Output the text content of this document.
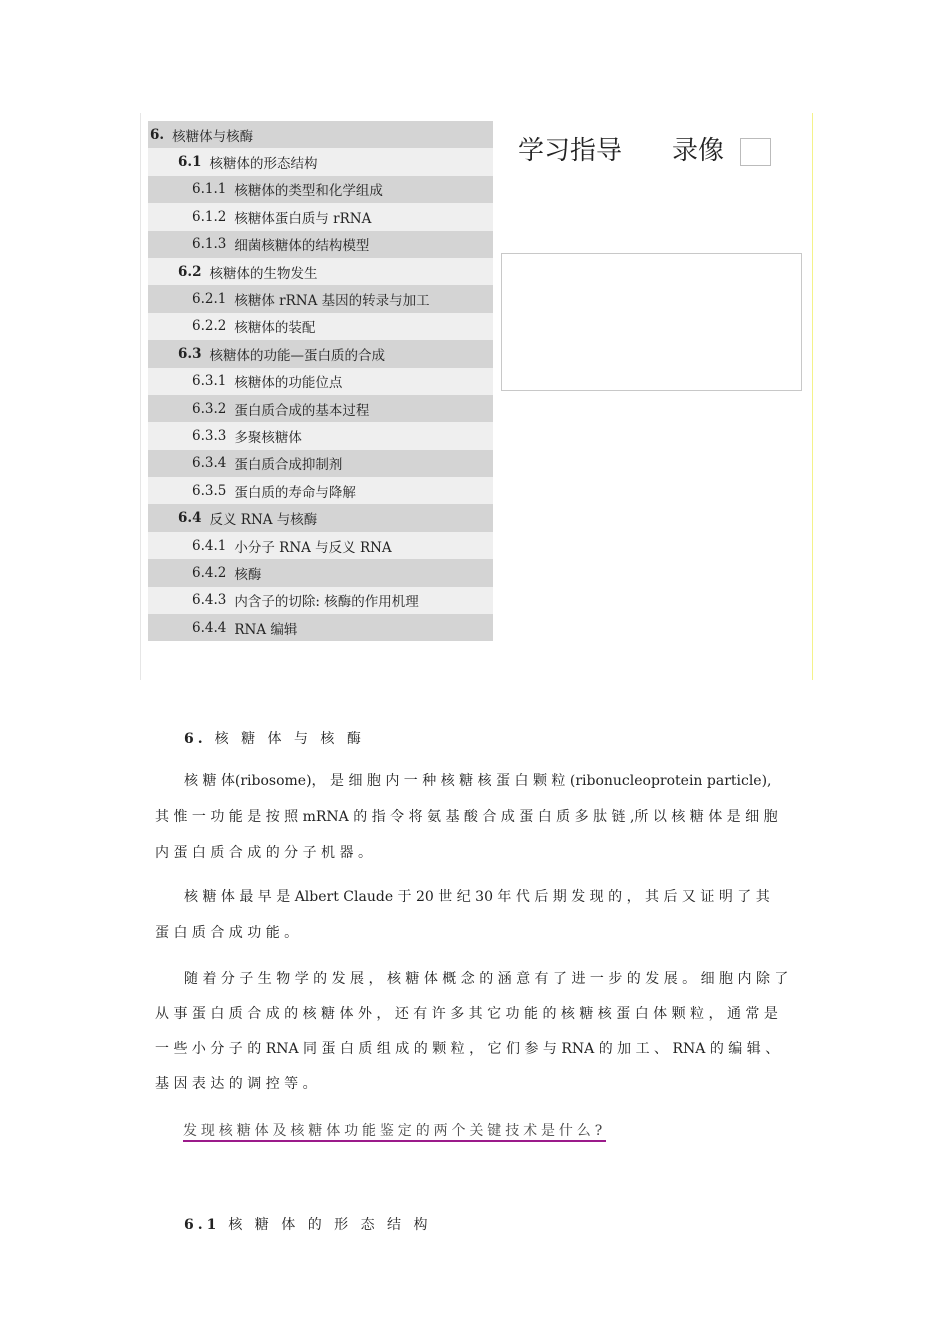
6. 核糖体与核酶
6.1 核糖体的形态结构
6.1.1 核糖体的类型和化学组成
6.1.2 核糖体蛋白质与 rRNA
6.1.3 细菌核糖体的结构模型
6.2 核糖体的生物发生
6.2.1 核糖体 rRNA 基因的转录与加工
6.2.2 核糖体的装配
6.3 核糖体的功能—蛋白质的合成
6.3.1 核糖体的功能位点
6.3.2 蛋白质合成的基本过程
6.3.3 多聚核糖体
6.3.4 蛋白质合成抑制剂
6.3.5 蛋白质的寿命与降解
6.4 反义 RNA 与核酶
6.4.1 小分子 RNA 与反义 RNA
6.4.2 核酶
6.4.3 内含子的切除: 核酶的作用机理
6.4.4 RNA 编辑
学习指导 录像
6. 核 糖 体 与 核 酶
核 糖 体(ribosome)， 是 细 胞 内 一 种 核 糖 核 蛋 白 颗 粒 (ribonucleoprotein particle),
其 惟 一 功 能 是 按 照 mRNA 的 指 令 将 氨 基 酸 合 成 蛋 白 质 多 肽 链 ,所 以 核 糖 体 是 细 胞
内 蛋 白 质 合 成 的 分 子 机 器 。
核 糖 体 最 早 是 Albert Claude 于 20 世 纪 30 年 代 后 期 发 现 的 ， 其 后 又 证 明 了 其
蛋 白 质 合 成 功 能 。
随 着 分 子 生 物 学 的 发 展 ， 核 糖 体 概 念 的 涵 意 有 了 进 一 步 的 发 展 。 细 胞 内 除 了
从 事 蛋 白 质 合 成 的 核 糖 体 外 ， 还 有 许 多 其 它 功 能 的 核 糖 核 蛋 白 体 颗 粒 ， 通 常 是
一 些 小 分 子 的 RNA 同 蛋 白 质 组 成 的 颗 粒 ， 它 们 参 与 RNA 的 加 工 、 RNA 的 编 辑 、
基 因 表 达 的 调 控 等 。
发现核糖体及核糖体功能鉴定的两个关键技术是什么?
6.1 核 糖 体 的 形 态 结 构
